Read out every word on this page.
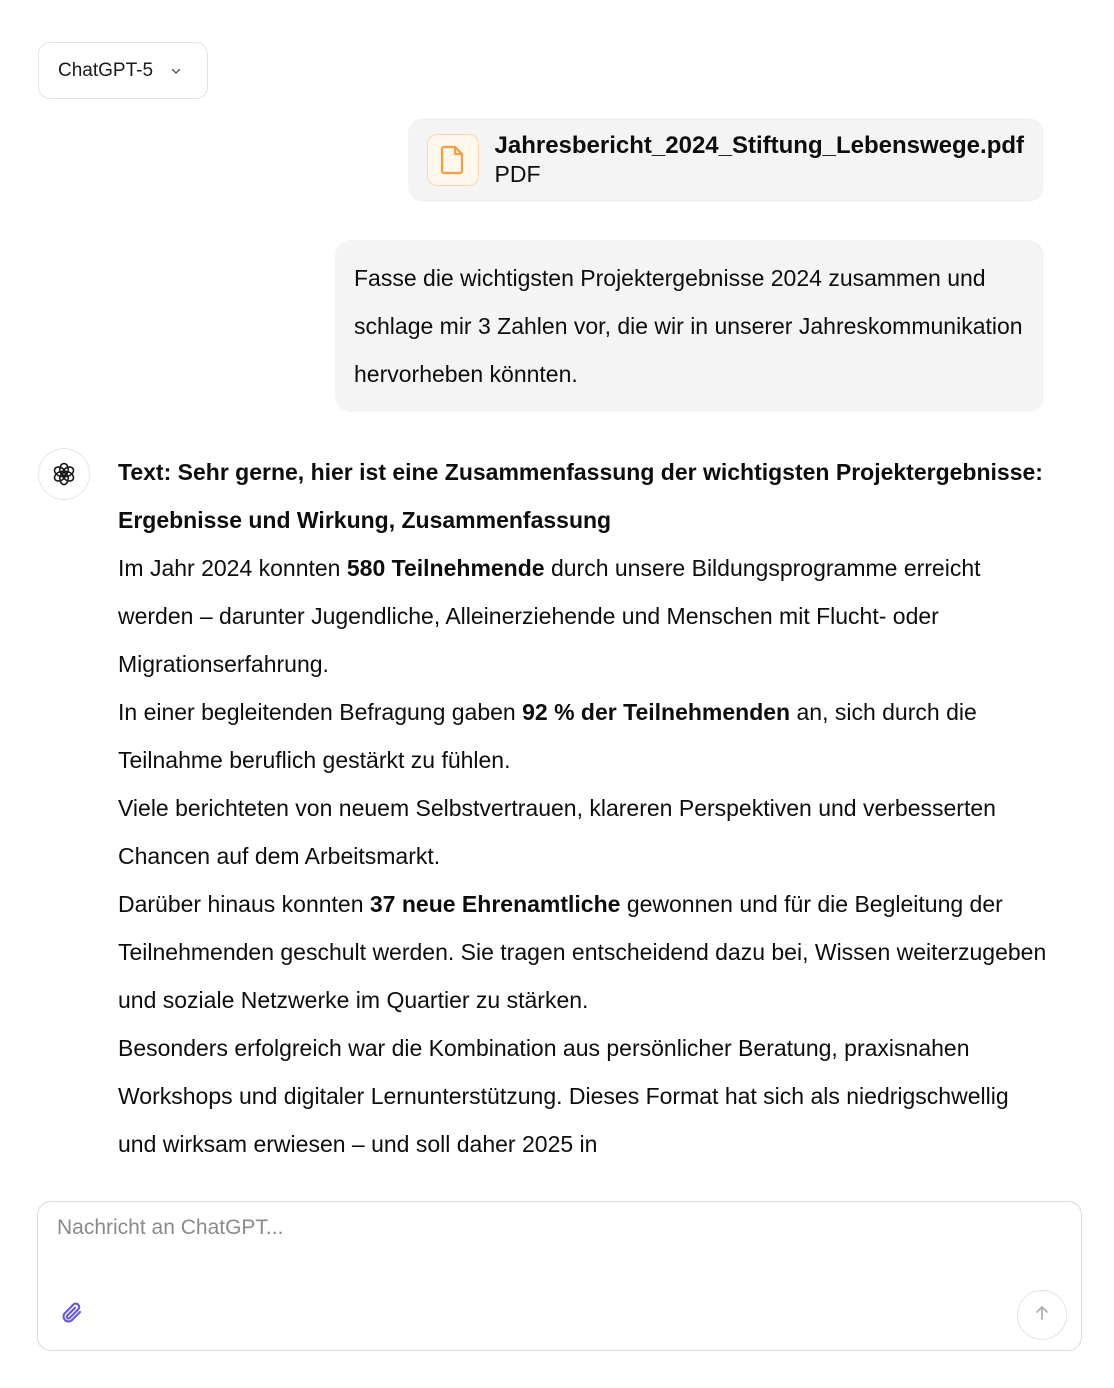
ChatGPT-5
Jahresbericht_2024_Stiftung_Lebenswege.pdf
PDF
Fasse die wichtigsten Projektergebnisse 2024 zusammen und schlage mir 3 Zahlen vor, die wir in unserer Jahreskommunikation hervorheben könnten.

Text: Sehr gerne, hier ist eine Zusammenfassung der wichtigsten Projektergebnisse:

Ergebnisse und Wirkung, Zusammenfassung

Im Jahr 2024 konnten 580 Teilnehmende durch unsere Bildungsprogramme erreicht werden – darunter Jugendliche, Alleinerziehende und Menschen mit Flucht- oder Migrationserfahrung.

In einer begleitenden Befragung gaben 92 % der Teilnehmenden an, sich durch die Teilnahme beruflich gestärkt zu fühlen.

Viele berichteten von neuem Selbstvertrauen, klareren Perspektiven und verbesserten Chancen auf dem Arbeitsmarkt.

Darüber hinaus konnten 37 neue Ehrenamtliche gewonnen und für die Begleitung der Teilnehmenden geschult werden. Sie tragen entscheidend dazu bei, Wissen weiterzugeben und soziale Netzwerke im Quartier zu stärken.

Besonders erfolgreich war die Kombination aus persönlicher Beratung, praxisnahen Workshops und digitaler Lernunterstützung. Dieses Format hat sich als niedrigschwellig und wirksam erwiesen – und soll daher 2025 in

Nachricht an ChatGPT...
